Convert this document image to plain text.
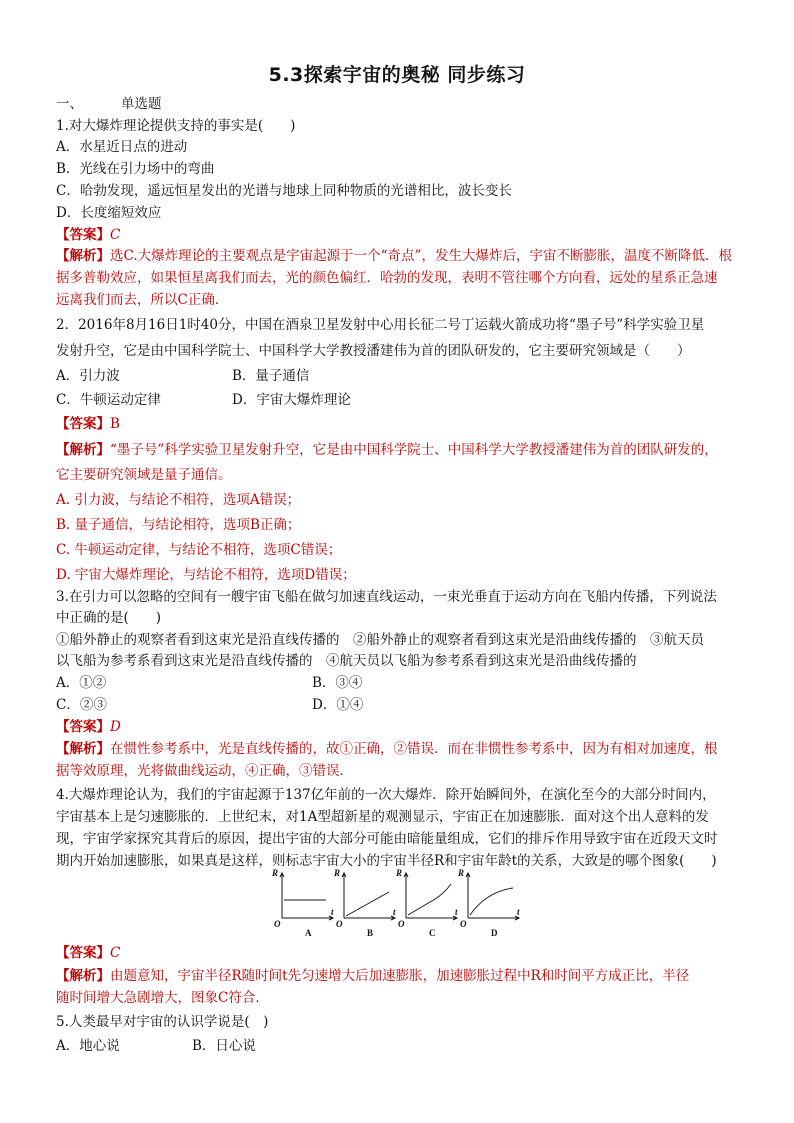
5.3探索宇宙的奥秘 同步练习
一、	单选题
1.对大爆炸理论提供支持的事实是(　　)
A．水星近日点的进动
B．光线在引力场中的弯曲
C．哈勃发现，遥远恒星发出的光谱与地球上同种物质的光谱相比，波长变长
D．长度缩短效应
【答案】C
【解析】选C.大爆炸理论的主要观点是宇宙起源于一个“奇点”，发生大爆炸后，宇宙不断膨胀，温度不断降低．根
据多普勒效应，如果恒星离我们而去，光的颜色偏红．哈勃的发现，表明不管往哪个方向看，远处的星系正急速
远离我们而去，所以C正确．
2．2016年8月16日1时40分，中国在酒泉卫星发射中心用长征二号丁运载火箭成功将“墨子号”科学实验卫星
发射升空，它是由中国科学院士、中国科学大学教授潘建伟为首的团队研发的，它主要研究领域是（　　）
A．引力波	B．量子通信
C．牛顿运动定律	D．宇宙大爆炸理论
【答案】B
【解析】“墨子号”科学实验卫星发射升空，它是由中国科学院士、中国科学大学教授潘建伟为首的团队研发的，
它主要研究领域是量子通信。
A. 引力波，与结论不相符，选项A错误；
B. 量子通信，与结论相符，选项B正确；
C. 牛顿运动定律，与结论不相符，选项C错误；
D. 宇宙大爆炸理论，与结论不相符，选项D错误；
3.在引力可以忽略的空间有一艘宇宙飞船在做匀加速直线运动，一束光垂直于运动方向在飞船内传播，下列说法
中正确的是(　　)
①船外静止的观察者看到这束光是沿直线传播的　②船外静止的观察者看到这束光是沿曲线传播的　③航天员
以飞船为参考系看到这束光是沿直线传播的　④航天员以飞船为参考系看到这束光是沿曲线传播的
A．①②	B．③④
C．②③	D．①④
【答案】D
【解析】在惯性参考系中，光是直线传播的，故①正确，②错误．而在非惯性参考系中，因为有相对加速度，根
据等效原理，光将做曲线运动，④正确，③错误．
4.大爆炸理论认为，我们的宇宙起源于137亿年前的一次大爆炸．除开始瞬间外，在演化至今的大部分时间内，
宇宙基本上是匀速膨胀的．上世纪末，对1A型超新星的观测显示，宇宙正在加速膨胀．面对这个出人意料的发
现，宇宙学家探究其背后的原因，提出宇宙的大部分可能由暗能量组成，它们的排斥作用导致宇宙在近段天文时
期内开始加速膨胀，如果真是这样，则标志宇宙大小的宇宙半径R和宇宙年龄t的关系，大致是的哪个图象(　　)
R	R	R	R
t	t	t	t
O	O	O	O
A	B	C	D
【答案】C
【解析】由题意知，宇宙半径R随时间t先匀速增大后加速膨胀，加速膨胀过程中R和时间平方成正比，半径
随时间增大急剧增大，图象C符合．
5.人类最早对宇宙的认识学说是(　)
A．地心说	B．日心说
